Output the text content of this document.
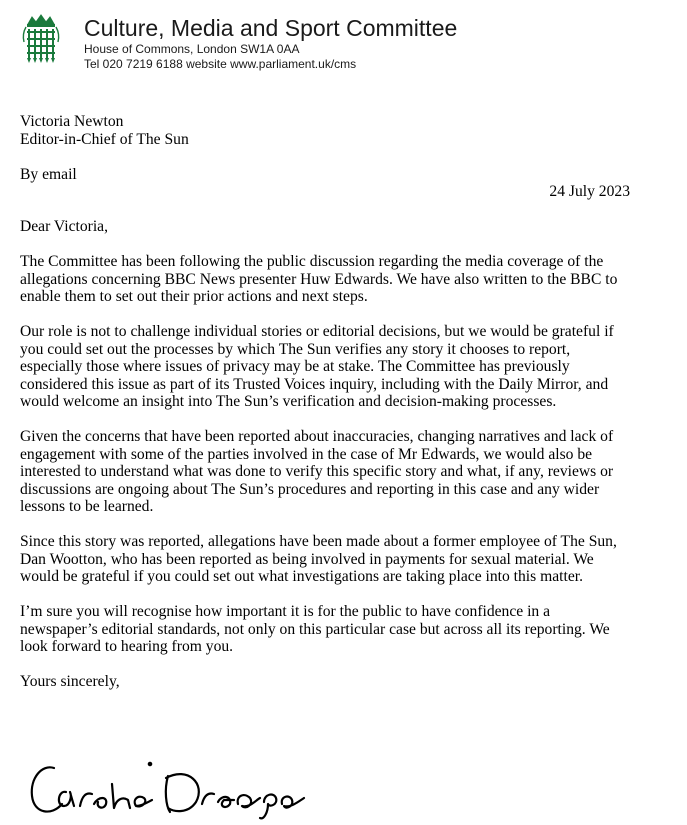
Culture, Media and Sport Committee
House of Commons, London SW1A 0AA
Tel 020 7219 6188 website www.parliament.uk/cms

Victoria Newton

Editor-in-Chief of The Sun

By email

24 July 2023

Dear Victoria,

The Committee has been following the public discussion regarding the media coverage of the allegations concerning BBC News presenter Huw Edwards. We have also written to the BBC to enable them to set out their prior actions and next steps.

Our role is not to challenge individual stories or editorial decisions, but we would be grateful if you could set out the processes by which The Sun verifies any story it chooses to report, especially those where issues of privacy may be at stake. The Committee has previously considered this issue as part of its Trusted Voices inquiry, including with the Daily Mirror, and would welcome an insight into The Sun’s verification and decision-making processes.

Given the concerns that have been reported about inaccuracies, changing narratives and lack of engagement with some of the parties involved in the case of Mr Edwards, we would also be interested to understand what was done to verify this specific story and what, if any, reviews or discussions are ongoing about The Sun’s procedures and reporting in this case and any wider lessons to be learned.

Since this story was reported, allegations have been made about a former employee of The Sun, Dan Wootton, who has been reported as being involved in payments for sexual material. We would be grateful if you could set out what investigations are taking place into this matter.

I’m sure you will recognise how important it is for the public to have confidence in a newspaper’s editorial standards, not only on this particular case but across all its reporting. We look forward to hearing from you.

Yours sincerely,
